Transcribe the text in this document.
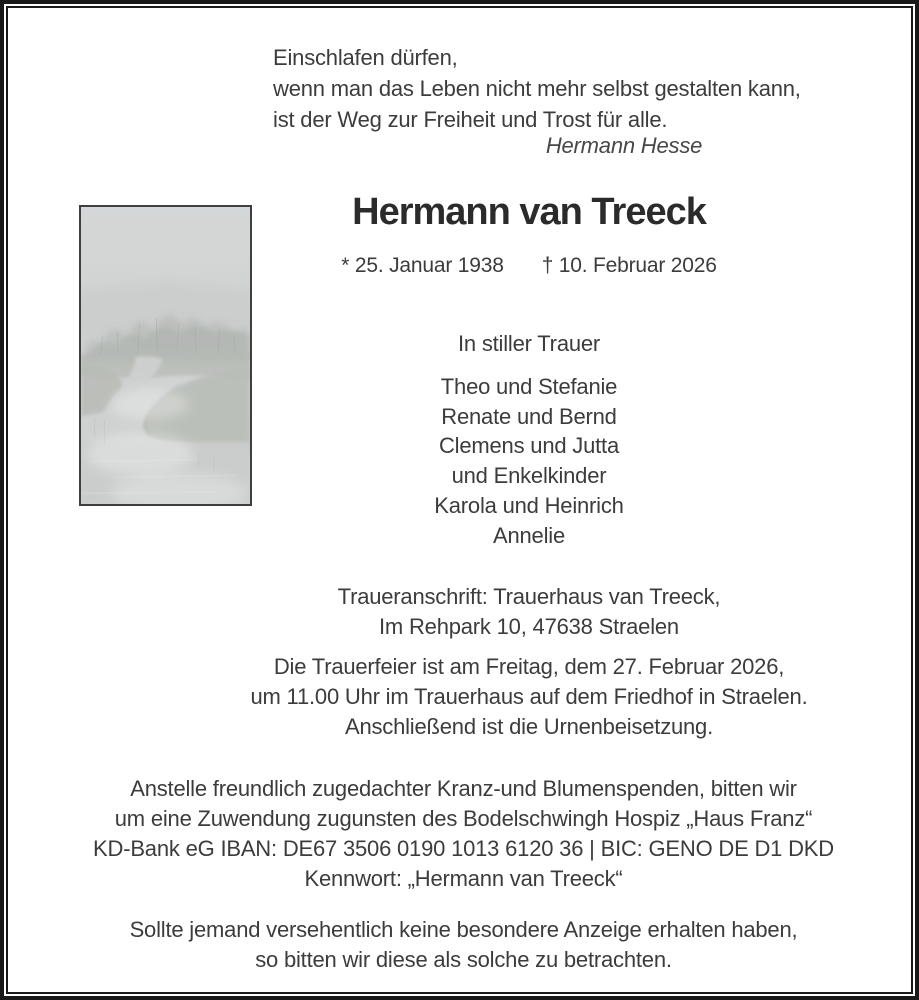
Einschlafen dürfen,
wenn man das Leben nicht mehr selbst gestalten kann,
ist der Weg zur Freiheit und Trost für alle.
Hermann Hesse
Hermann van Treeck
* 25. Januar 1938 † 10. Februar 2026
In stiller Trauer
Theo und Stefanie
Renate und Bernd
Clemens und Jutta
und Enkelkinder
Karola und Heinrich
Annelie
Traueranschrift: Trauerhaus van Treeck,
Im Rehpark 10, 47638 Straelen
Die Trauerfeier ist am Freitag, dem 27. Februar 2026,
um 11.00 Uhr im Trauerhaus auf dem Friedhof in Straelen.
Anschließend ist die Urnenbeisetzung.
Anstelle freundlich zugedachter Kranz-und Blumenspenden, bitten wir
um eine Zuwendung zugunsten des Bodelschwingh Hospiz „Haus Franz“
KD-Bank eG IBAN: DE67 3506 0190 1013 6120 36 | BIC: GENO DE D1 DKD
Kennwort: „Hermann van Treeck“
Sollte jemand versehentlich keine besondere Anzeige erhalten haben,
so bitten wir diese als solche zu betrachten.
